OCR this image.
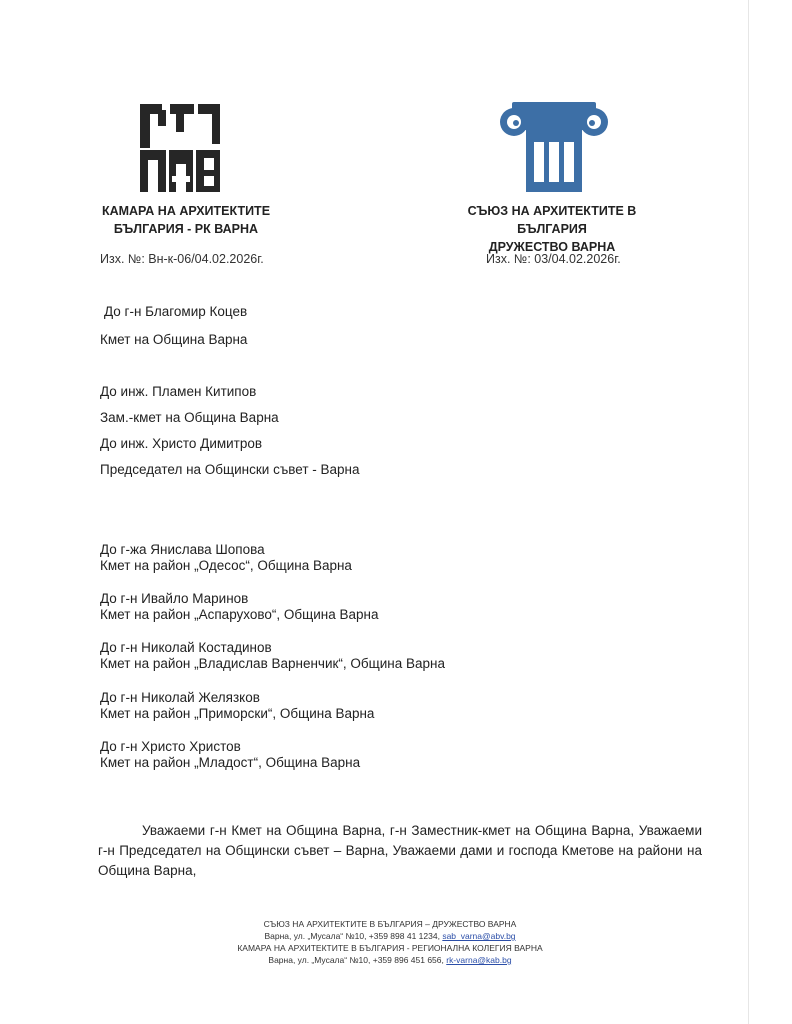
КАМАРА НА АРХИТЕКТИТЕ
БЪЛГАРИЯ - РК ВАРНА
СЪЮЗ НА АРХИТЕКТИТЕ В БЪЛГАРИЯ
ДРУЖЕСТВО ВАРНА
Изх. №: Вн-к-06/04.02.2026г.	Изх. №: 03/04.02.2026г.
До г-н Благомир Коцев
Кмет на Община Варна
До инж. Пламен Китипов
Зам.-кмет на Община Варна
До инж. Христо Димитров
Председател на Общински съвет - Варна
До г-жа Янислава Шопова
Кмет на район „Одесос“, Община Варна
До г-н Ивайло Маринов
Кмет на район „Аспарухово“, Община Варна
До г-н Николай Костадинов
Кмет на район „Владислав Варненчик“, Община Варна
До г-н Николай Желязков
Кмет на район „Приморски“, Община Варна
До г-н Христо Христов
Кмет на район „Младост“, Община Варна
Уважаеми г-н Кмет на Община Варна, г-н Заместник-кмет на Община Варна, Уважаеми г-н Председател на Общински съвет – Варна, Уважаеми дами и господа Кметове на райони на Община Варна,
СЪЮЗ НА АРХИТЕКТИТЕ В БЪЛГАРИЯ – ДРУЖЕСТВО ВАРНА
Варна, ул. „Мусала“ №10, +359 898 41 1234, sab_varna@abv.bg
КАМАРА НА АРХИТЕКТИТЕ В БЪЛГАРИЯ - РЕГИОНАЛНА КОЛЕГИЯ ВАРНА
Варна, ул. „Мусала“ №10, +359 896 451 656, rk-varna@kab.bg
